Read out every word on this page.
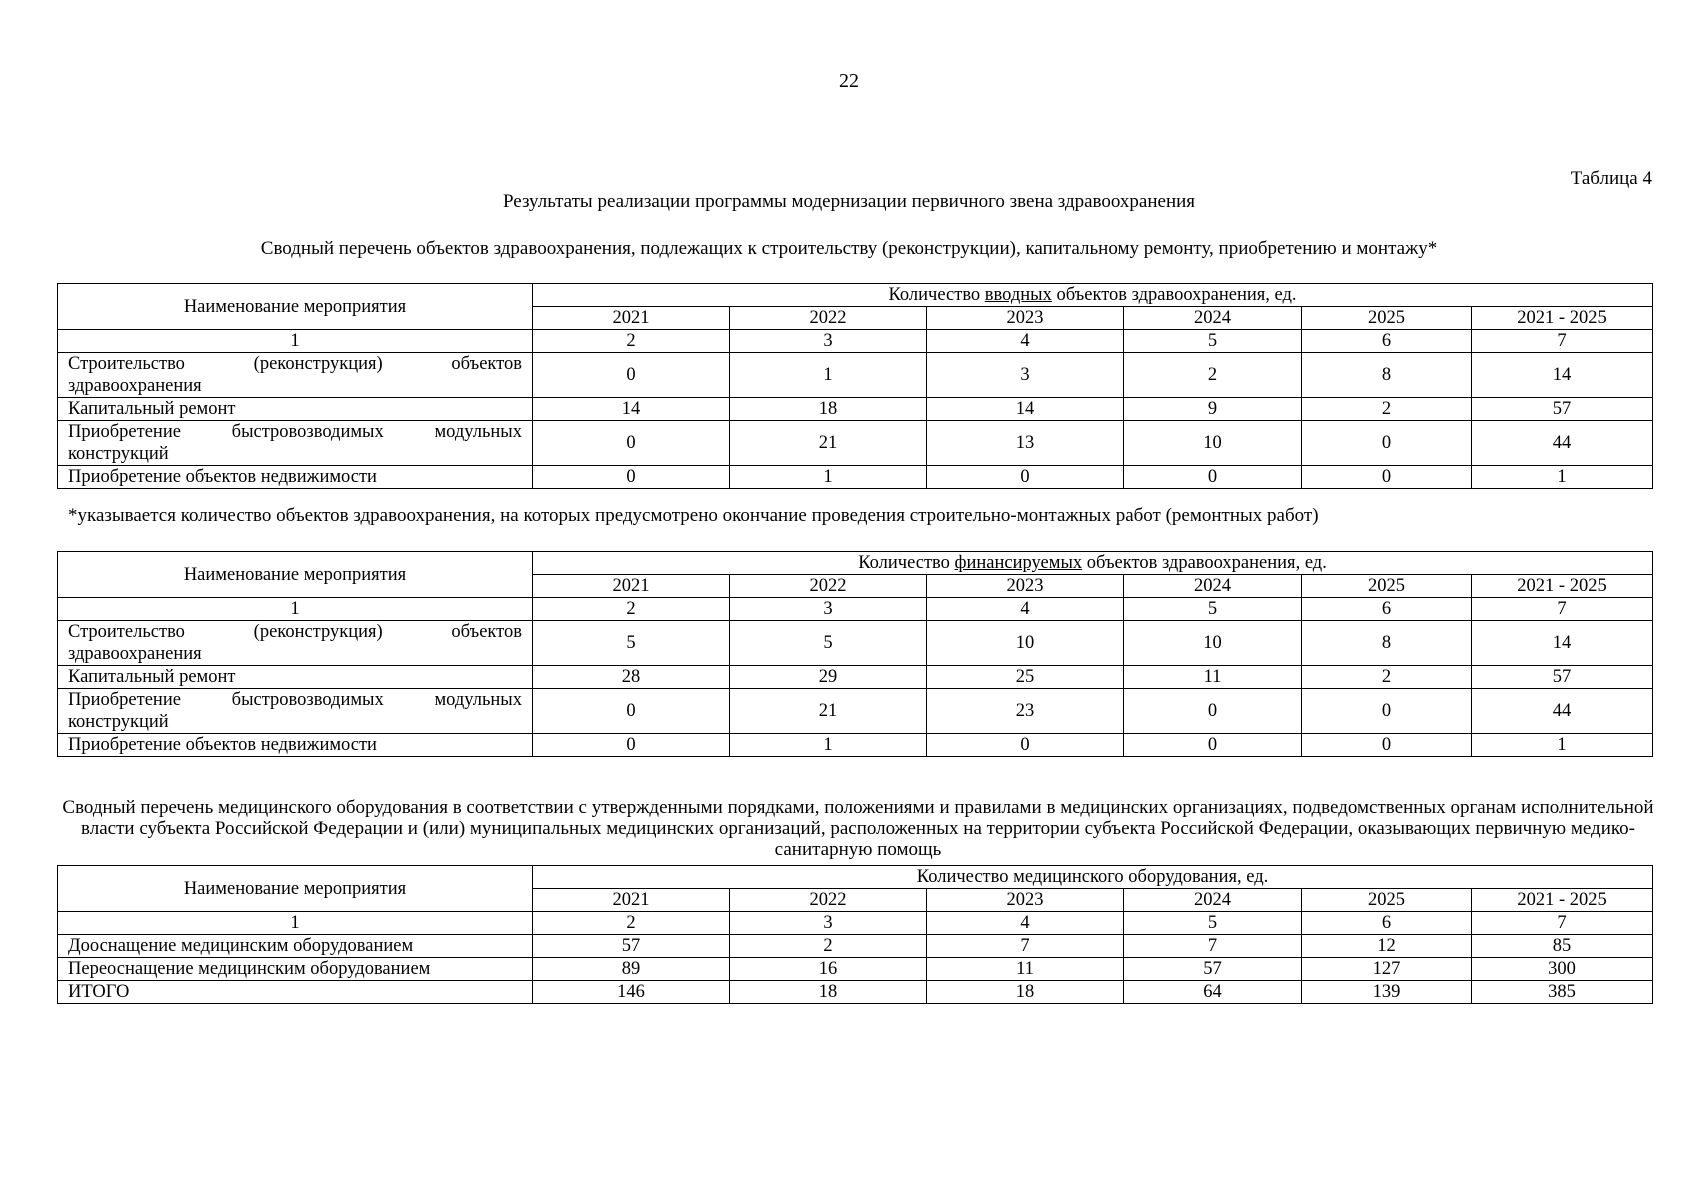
22
Таблица 4
Результаты реализации программы модернизации первичного звена здравоохранения
Сводный перечень объектов здравоохранения, подлежащих к строительству (реконструкции), капитальному ремонту, приобретению и монтажу*
Наименование мероприятия	Количество вводных объектов здравоохранения, ед.					
	2021	2022	2023	2024	2025	2021 - 2025
1	2	3	4	5	6	7
Строительство (реконструкция) объектов здравоохранения	0	1	3	2	8	14
Капитальный ремонт	14	18	14	9	2	57
Приобретение быстровозводимых модульных конструкций	0	21	13	10	0	44
Приобретение объектов недвижимости	0	1	0	0	0	1
*указывается количество объектов здравоохранения, на которых предусмотрено окончание проведения строительно-монтажных работ (ремонтных работ)
Наименование мероприятия	Количество финансируемых объектов здравоохранения, ед.					
	2021	2022	2023	2024	2025	2021 - 2025
1	2	3	4	5	6	7
Строительство (реконструкция) объектов здравоохранения	5	5	10	10	8	14
Капитальный ремонт	28	29	25	11	2	57
Приобретение быстровозводимых модульных конструкций	0	21	23	0	0	44
Приобретение объектов недвижимости	0	1	0	0	0	1
Сводный перечень медицинского оборудования в соответствии с утвержденными порядками, положениями и правилами в медицинских организациях, подведомственных органам исполнительной власти субъекта Российской Федерации и (или) муниципальных медицинских организаций, расположенных на территории субъекта Российской Федерации, оказывающих первичную медико-санитарную помощь
Наименование мероприятия	Количество медицинского оборудования, ед.					
	2021	2022	2023	2024	2025	2021 - 2025
1	2	3	4	5	6	7
Дооснащение медицинским оборудованием	57	2	7	7	12	85
Переоснащение медицинским оборудованием	89	16	11	57	127	300
ИТОГО	146	18	18	64	139	385
